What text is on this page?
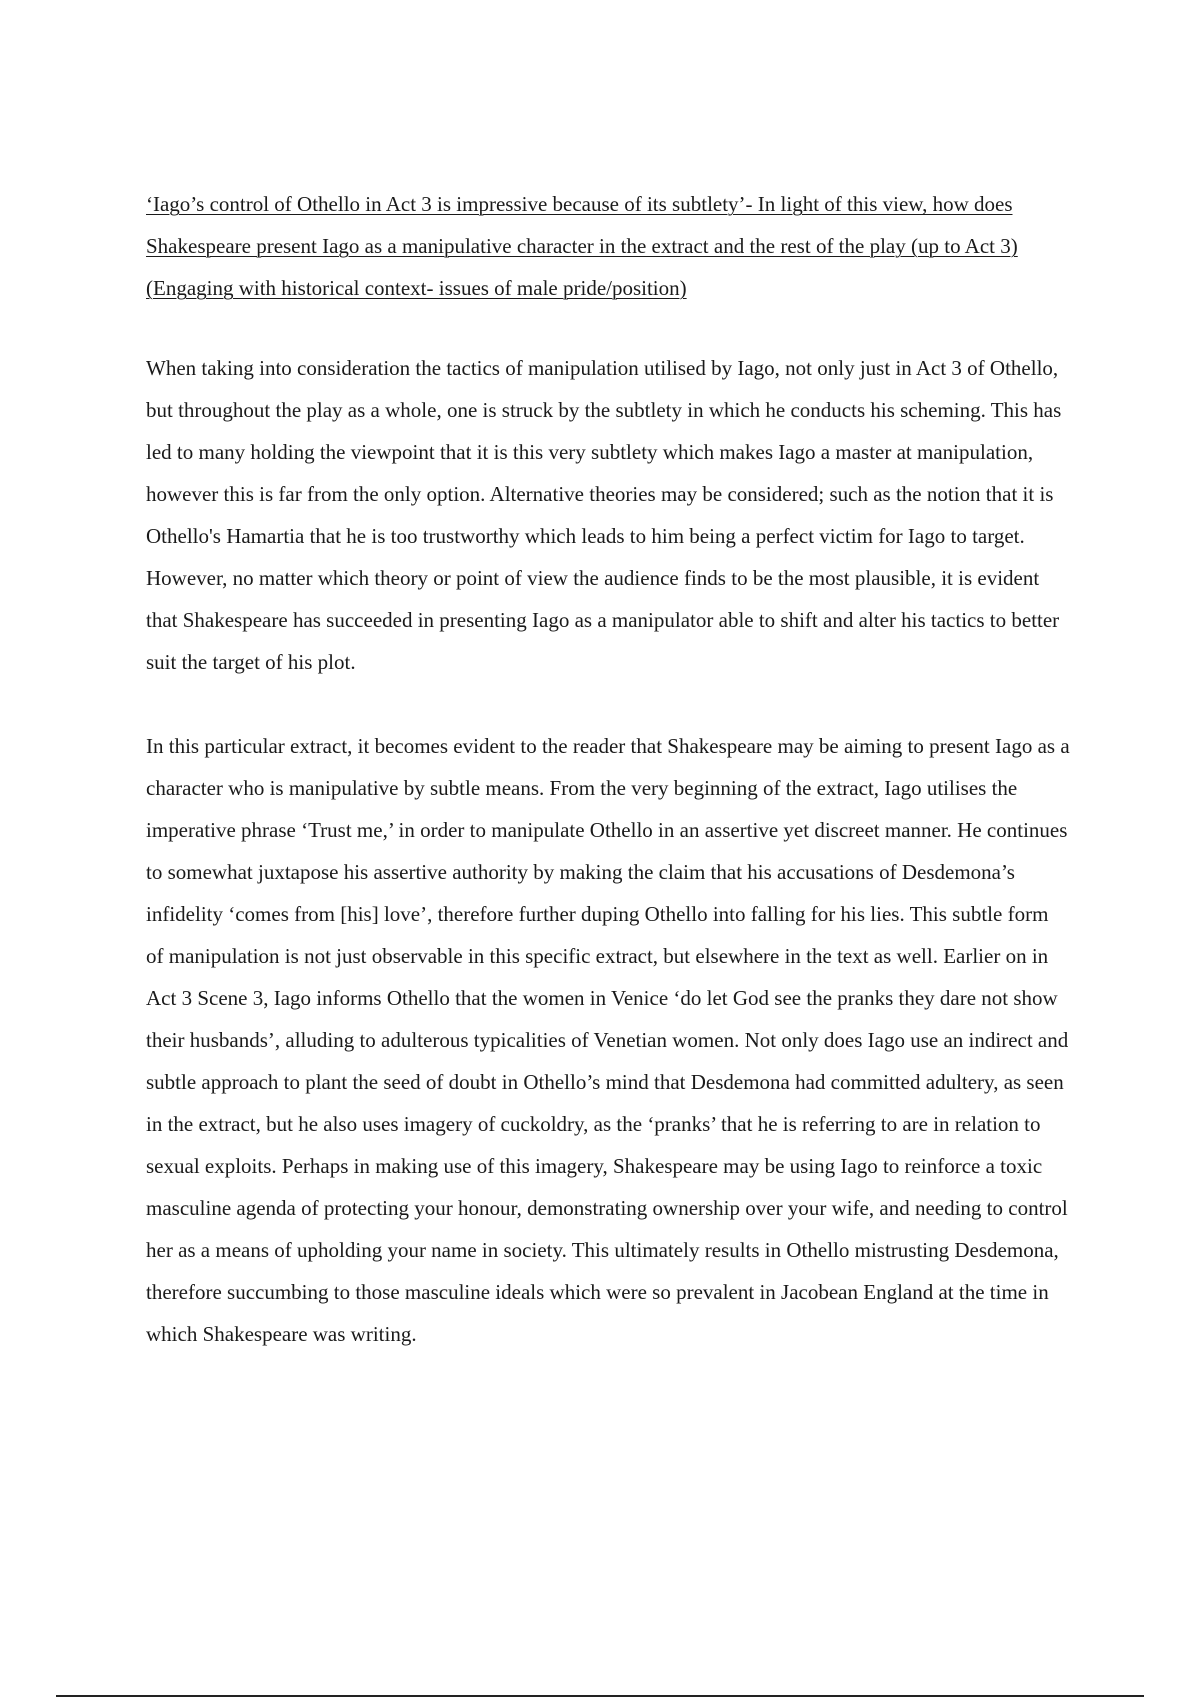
‘Iago’s control of Othello in Act 3 is impressive because of its subtlety’- In light of this view, how does Shakespeare present Iago as a manipulative character in the extract and the rest of the play (up to Act 3) (Engaging with historical context- issues of male pride/position)

When taking into consideration the tactics of manipulation utilised by Iago, not only just in Act 3 of Othello, but throughout the play as a whole, one is struck by the subtlety in which he conducts his scheming. This has led to many holding the viewpoint that it is this very subtlety which makes Iago a master at manipulation, however this is far from the only option. Alternative theories may be considered; such as the notion that it is Othello's Hamartia that he is too trustworthy which leads to him being a perfect victim for Iago to target. However, no matter which theory or point of view the audience finds to be the most plausible, it is evident that Shakespeare has succeeded in presenting Iago as a manipulator able to shift and alter his tactics to better suit the target of his plot.

In this particular extract, it becomes evident to the reader that Shakespeare may be aiming to present Iago as a character who is manipulative by subtle means. From the very beginning of the extract, Iago utilises the imperative phrase ‘Trust me,’ in order to manipulate Othello in an assertive yet discreet manner. He continues to somewhat juxtapose his assertive authority by making the claim that his accusations of Desdemona’s infidelity ‘comes from [his] love’, therefore further duping Othello into falling for his lies. This subtle form of manipulation is not just observable in this specific extract, but elsewhere in the text as well. Earlier on in Act 3 Scene 3, Iago informs Othello that the women in Venice ‘do let God see the pranks they dare not show their husbands’, alluding to adulterous typicalities of Venetian women. Not only does Iago use an indirect and subtle approach to plant the seed of doubt in Othello’s mind that Desdemona had committed adultery, as seen in the extract, but he also uses imagery of cuckoldry, as the ‘pranks’ that he is referring to are in relation to sexual exploits. Perhaps in making use of this imagery, Shakespeare may be using Iago to reinforce a toxic masculine agenda of protecting your honour, demonstrating ownership over your wife, and needing to control her as a means of upholding your name in society. This ultimately results in Othello mistrusting Desdemona, therefore succumbing to those masculine ideals which were so prevalent in Jacobean England at the time in which Shakespeare was writing.
